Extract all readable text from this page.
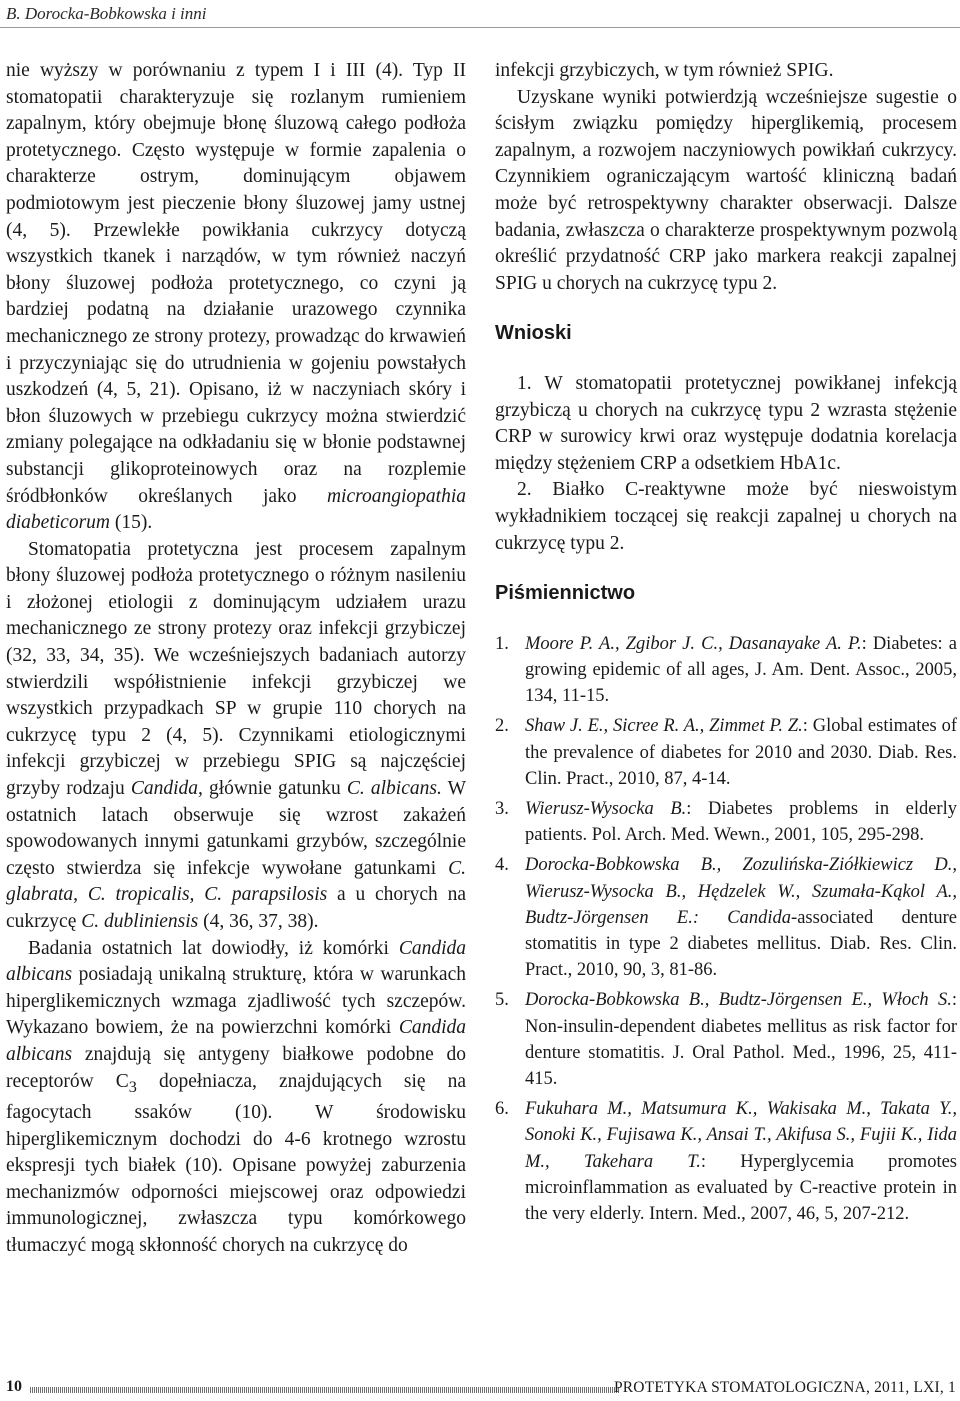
B. Dorocka-Bobkowska i inni

nie wyższy w porównaniu z typem I i III (4). Typ II stomatopatii charakteryzuje się rozlanym rumieniem zapalnym, który obejmuje błonę śluzową całego podłoża protetycznego. Często występuje w formie zapalenia o charakterze ostrym, dominującym objawem podmiotowym jest pieczenie błony śluzowej jamy ustnej (4, 5). Przewlekłe powikłania cukrzycy dotyczą wszystkich tkanek i narządów, w tym również naczyń błony śluzowej podłoża protetycznego, co czyni ją bardziej podatną na działanie urazowego czynnika mechanicznego ze strony protezy, prowadząc do krwawień i przyczyniając się do utrudnienia w gojeniu powstałych uszkodzeń (4, 5, 21). Opisano, iż w naczyniach skóry i błon śluzowych w przebiegu cukrzycy można stwierdzić zmiany polegające na odkładaniu się w błonie podstawnej substancji glikoproteinowych oraz na rozplemie śródbłonków określanych jako microangiopathia diabeticorum (15).

Stomatopatia protetyczna jest procesem zapalnym błony śluzowej podłoża protetycznego o różnym nasileniu i złożonej etiologii z dominującym udziałem urazu mechanicznego ze strony protezy oraz infekcji grzybiczej (32, 33, 34, 35). We wcześniejszych badaniach autorzy stwierdzili współistnienie infekcji grzybiczej we wszystkich przypadkach SP w grupie 110 chorych na cukrzycę typu 2 (4, 5). Czynnikami etiologicznymi infekcji grzybiczej w przebiegu SPIG są najczęściej grzyby rodzaju Candida, głównie gatunku C. albicans. W ostatnich latach obserwuje się wzrost zakażeń spowodowanych innymi gatunkami grzybów, szczególnie często stwierdza się infekcje wywołane gatunkami C. glabrata, C. tropicalis, C. parapsilosis a u chorych na cukrzycę C. dubliniensis (4, 36, 37, 38).

Badania ostatnich lat dowiodły, iż komórki Candida albicans posiadają unikalną strukturę, która w warunkach hiperglikemicznych wzmaga zjadliwość tych szczepów. Wykazano bowiem, że na powierzchni komórki Candida albicans znajdują się antygeny białkowe podobne do receptorów $C_3$ dopełniacza, znajdujących się na fagocytach ssaków (10). W środowisku hiperglikemicznym dochodzi do 4-6 krotnego wzrostu ekspresji tych białek (10). Opisane powyżej zaburzenia mechanizmów odporności miejscowej oraz odpowiedzi immunologicznej, zwłaszcza typu komórkowego tłumaczyć mogą skłonność chorych na cukrzycę do

infekcji grzybiczych, w tym również SPIG.

Uzyskane wyniki potwierdzją wcześniejsze sugestie o ścisłym związku pomiędzy hiperglikemią, procesem zapalnym, a rozwojem naczyniowych powikłań cukrzycy. Czynnikiem ograniczającym wartość kliniczną badań może być retrospektywny charakter obserwacji. Dalsze badania, zwłaszcza o charakterze prospektywnym pozwolą określić przydatność CRP jako markera reakcji zapalnej SPIG u chorych na cukrzycę typu 2.

Wnioski
1. W stomatopatii protetycznej powikłanej infekcją grzybiczą u chorych na cukrzycę typu 2 wzrasta stężenie CRP w surowicy krwi oraz występuje dodatnia korelacja między stężeniem CRP a odsetkiem HbA1c.
2. Białko C-reaktywne może być nieswoistym wykładnikiem toczącej się reakcji zapalnej u chorych na cukrzycę typu 2.
Piśmiennictwo
1. Moore P. A., Zgibor J. C., Dasanayake A. P.: Diabetes: a growing epidemic of all ages, J. Am. Dent. Assoc., 2005, 134, 11-15.
2. Shaw J. E., Sicree R. A., Zimmet P. Z.: Global estimates of the prevalence of diabetes for 2010 and 2030. Diab. Res. Clin. Pract., 2010, 87, 4-14.
3. Wierusz-Wysocka B.: Diabetes problems in elderly patients. Pol. Arch. Med. Wewn., 2001, 105, 295-298.
4. Dorocka-Bobkowska B., Zozulińska-Ziółkiewicz D., Wierusz-Wysocka B., Hędzelek W., Szumała-Kąkol A., Budtz-Jörgensen E.: Candida-associated denture stomatitis in type 2 diabetes mellitus. Diab. Res. Clin. Pract., 2010, 90, 3, 81-86.
5. Dorocka-Bobkowska B., Budtz-Jörgensen E., Włoch S.: Non-insulin-dependent diabetes mellitus as risk factor for denture stomatitis. J. Oral Pathol. Med., 1996, 25, 411-415.
6. Fukuhara M., Matsumura K., Wakisaka M., Takata Y., Sonoki K., Fujisawa K., Ansai T., Akifusa S., Fujii K., Iida M., Takehara T.: Hyperglycemia promotes microinflammation as evaluated by C-reactive protein in the very elderly. Intern. Med., 2007, 46, 5, 207-212.
10	PROTETYKA STOMATOLOGICZNA, 2011, LXI, 1
